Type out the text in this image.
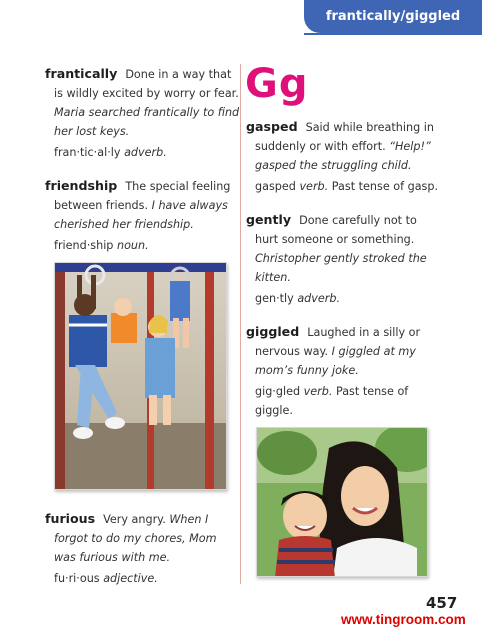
frantically/giggled
frantically Done in a way that
is wildly excited by worry or fear.
Maria searched frantically to find
her lost keys.
fran·tic·al·ly adverb.
friendship The special feeling
between friends. I have always
cherished her friendship.
friend·ship noun.
furious Very angry. When I
forgot to do my chores, Mom
was furious with me.
fu·ri·ous adjective.
Gg
gasped Said while breathing in
suddenly or with effort. “Help!”
gasped the struggling child.
gasped verb. Past tense of gasp.
gently Done carefully not to
hurt someone or something.
Christopher gently stroked the
kitten.
gen·tly adverb.
giggled Laughed in a silly or
nervous way. I giggled at my
mom’s funny joke.
gig·gled verb. Past tense of
giggle.
457
www.tingroom.com
